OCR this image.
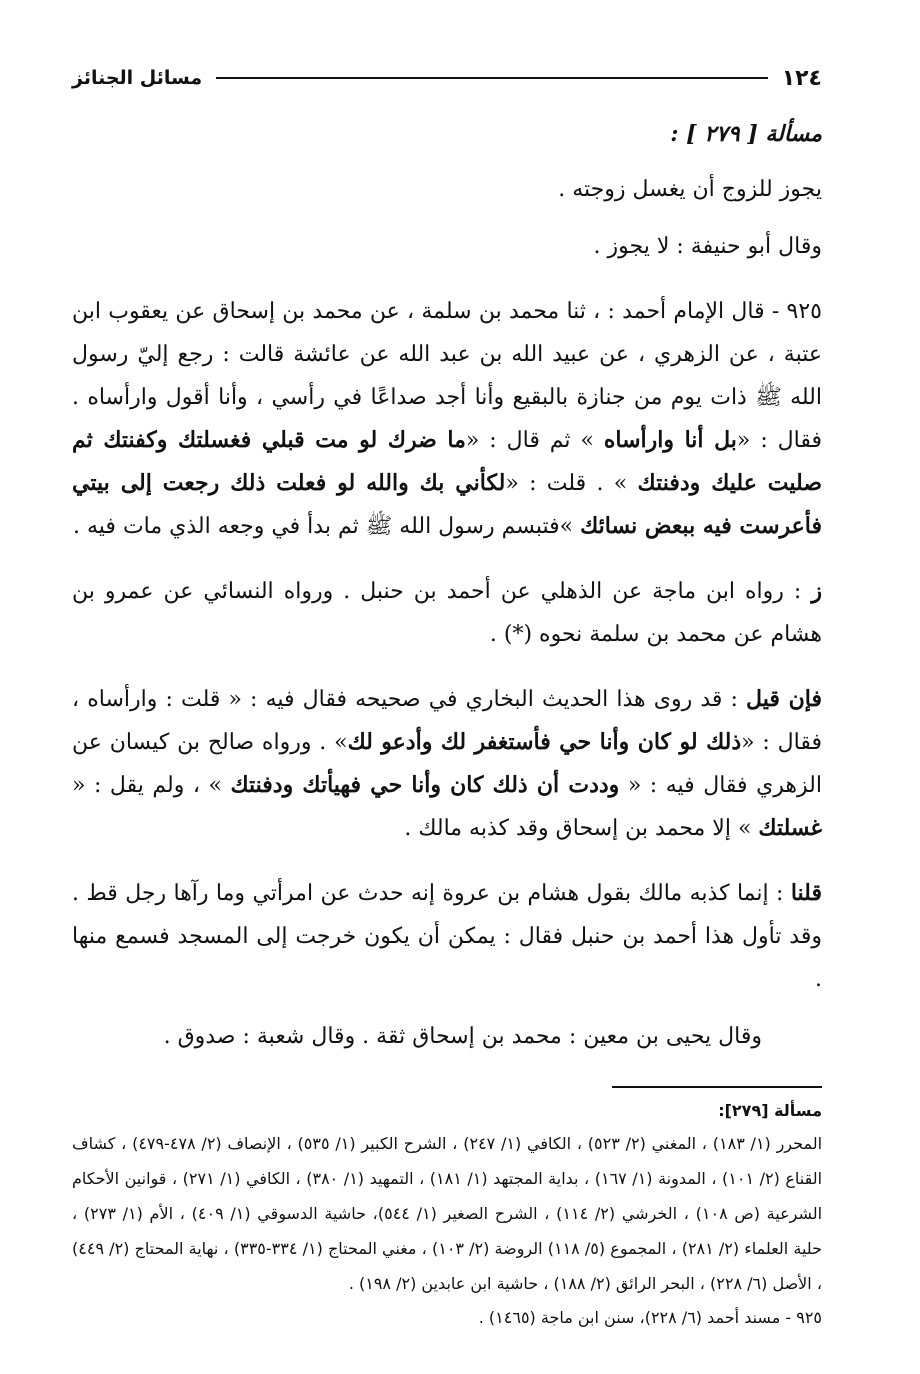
١٢٤
مسائل الجنائز
مسألة [ ٢٧٩ ] :

يجوز للزوج أن يغسل زوجته .

وقال أبو حنيفة : لا يجوز .

٩٢٥ - قال الإمام أحمد : ، ثنا محمد بن سلمة ، عن محمد بن إسحاق عن يعقوب ابن عتبة ، عن الزهري ، عن عبيد الله بن عبد الله عن عائشة قالت : رجع إليّ رسول الله ﷺ ذات يوم من جنازة بالبقيع وأنا أجد صداعًا في رأسي ، وأنا أقول وارأساه . فقال : «بل أنا وارأساه » ثم قال : «ما ضرك لو مت قبلي فغسلتك وكفنتك ثم صليت عليك ودفنتك » . قلت : «لكأني بك والله لو فعلت ذلك رجعت إلى بيتي فأعرست فيه ببعض نسائك »فتبسم رسول الله ﷺ ثم بدأ في وجعه الذي مات فيه .

ز : رواه ابن ماجة عن الذهلي عن أحمد بن حنبل . ورواه النسائي عن عمرو بن هشام عن محمد بن سلمة نحوه (*) .

فإن قيل : قد روى هذا الحديث البخاري في صحيحه فقال فيه : « قلت : وارأساه ، فقال : «ذلك لو كان وأنا حي فأستغفر لك وأدعو لك» . ورواه صالح بن كيسان عن الزهري فقال فيه : « وددت أن ذلك كان وأنا حي فهيأتك ودفنتك » ، ولم يقل : « غسلتك » إلا محمد بن إسحاق وقد كذبه مالك .

قلنا : إنما كذبه مالك بقول هشام بن عروة إنه حدث عن امرأتي وما رآها رجل قط . وقد تأول هذا أحمد بن حنبل فقال : يمكن أن يكون خرجت إلى المسجد فسمع منها .

وقال يحيى بن معين : محمد بن إسحاق ثقة . وقال شعبة : صدوق .

مسألة [٢٧٩]:
المحرر (١/ ١٨٣) ، المغني (٢/ ٥٢٣) ، الكافي (١/ ٢٤٧) ، الشرح الكبير (١/ ٥٣٥) ، الإنصاف (٢/ ٤٧٨-٤٧٩) ، كشاف القناع (٢/ ١٠١) ، المدونة (١/ ١٦٧) ، بداية المجتهد (١/ ١٨١) ، التمهيد (١/ ٣٨٠) ، الكافي (١/ ٢٧١) ، قوانين الأحكام الشرعية (ص ١٠٨) ، الخرشي (٢/ ١١٤) ، الشرح الصغير (١/ ٥٤٤)، حاشية الدسوقي (١/ ٤٠٩) ، الأم (١/ ٢٧٣) ، حلية العلماء (٢/ ٢٨١) ، المجموع (٥/ ١١٨) الروضة (٢/ ١٠٣) ، مغني المحتاج (١/ ٣٣٤-٣٣٥) ، نهاية المحتاج (٢/ ٤٤٩) ، الأصل (٦/ ٢٢٨) ، البحر الرائق (٢/ ١٨٨) ، حاشية ابن عابدين (٢/ ١٩٨) .
٩٢٥ - مسند أحمد (٦/ ٢٢٨)، سنن ابن ماجة (١٤٦٥) .
